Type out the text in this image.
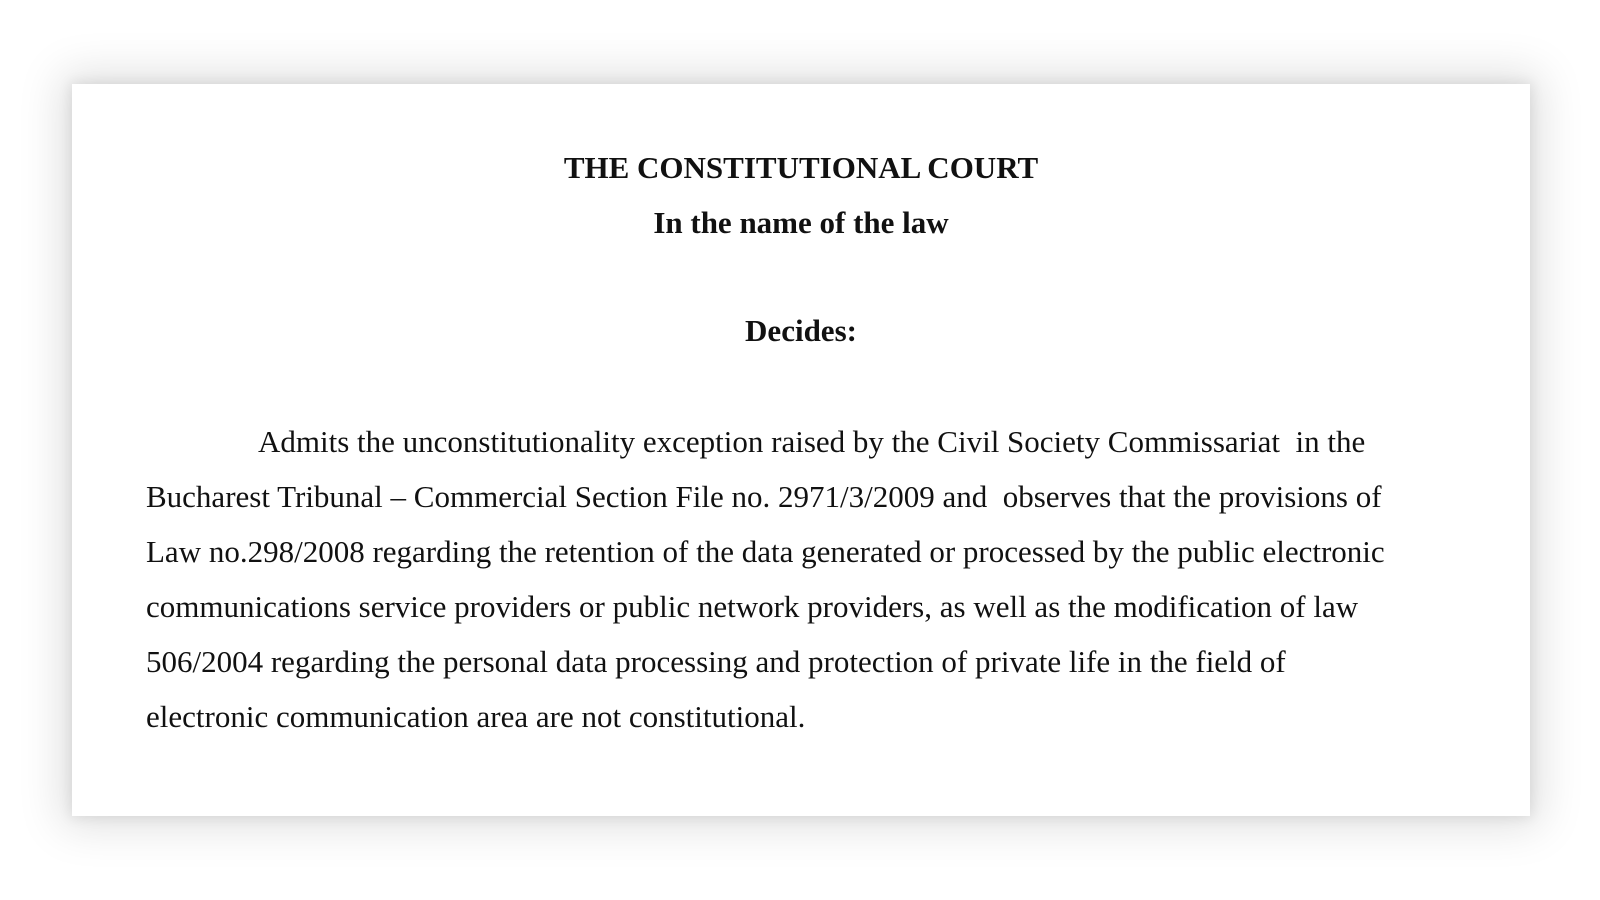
THE CONSTITUTIONAL COURT
In the name of the law
Decides:

Admits the unconstitutionality exception raised by the Civil Society Commissariat  in the
Bucharest Tribunal – Commercial Section File no. 2971/3/2009 and  observes that the provisions of
Law no.298/2008 regarding the retention of the data generated or processed by the public electronic
communications service providers or public network providers, as well as the modification of law
506/2004 regarding the personal data processing and protection of private life in the field of
electronic communication area are not constitutional.
